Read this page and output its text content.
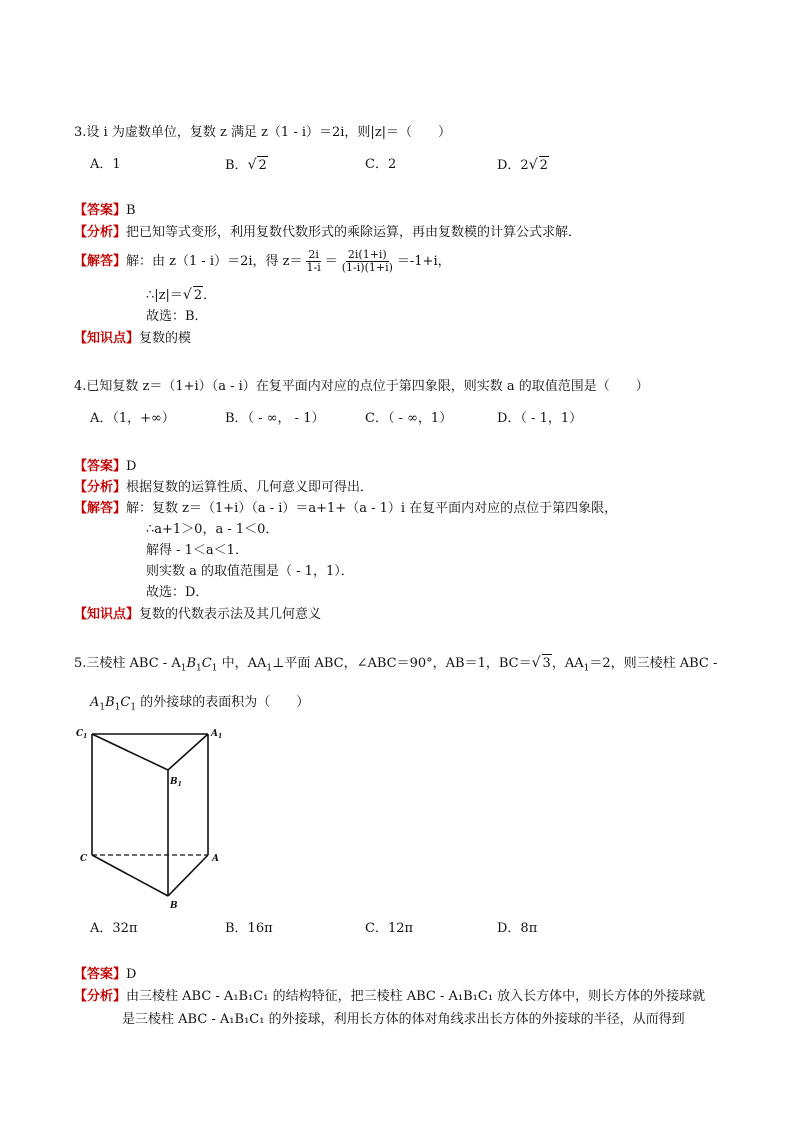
3.设 i 为虚数单位，复数 z 满足 z（1 - i）＝2i，则|z|＝（　　）
A．1	B．√ 2	C．2	D．2√ 2
【答案】B
【分析】把已知等式变形，利用复数代数形式的乘除运算，再由复数模的计算公式求解．
【解答】解：由 z（1 - i）＝2i，得 $z= \frac{2i}{1-i} = \frac{2i(1+i)}{(1-i)(1+i)} =-1+i$，
∴|z|＝√ 2．
故选：B．
【知识点】复数的模
4.已知复数 z＝（1+i）（a - i）在复平面内对应的点位于第四象限，则实数 a 的取值范围是（　　）
A．（1，+∞）	B．（ - ∞， - 1）	C．（ - ∞，1）	D．（ - 1，1）
【答案】D
【分析】根据复数的运算性质、几何意义即可得出．
【解答】解：复数 z＝（1+i）（a - i）＝a+1+（a - 1）i 在复平面内对应的点位于第四象限，
∴a+1＞0，a - 1＜0．
解得 - 1＜a＜1．
则实数 a 的取值范围是（ - 1，1）．
故选：D．
【知识点】复数的代数表示法及其几何意义
5.三棱柱 ABC - $A_1B_1C_1$ 中，$AA_1\perp$平面 ABC，∠ABC＝90°，AB＝1，BC＝√ 3，$AA_1=2$，则三棱柱 ABC -
$A_1B_1C_1$ 的外接球的表面积为（　　）
$C_1$	$A_1$
$B_1$
C	A
B
A．32π	B．16π	C．12π	D．8π
【答案】D
【分析】由三棱柱 ABC - A₁B₁C₁ 的结构特征，把三棱柱 ABC - A₁B₁C₁ 放入长方体中，则长方体的外接球就
是三棱柱 ABC - A₁B₁C₁ 的外接球，利用长方体的体对角线求出长方体的外接球的半径，从而得到
